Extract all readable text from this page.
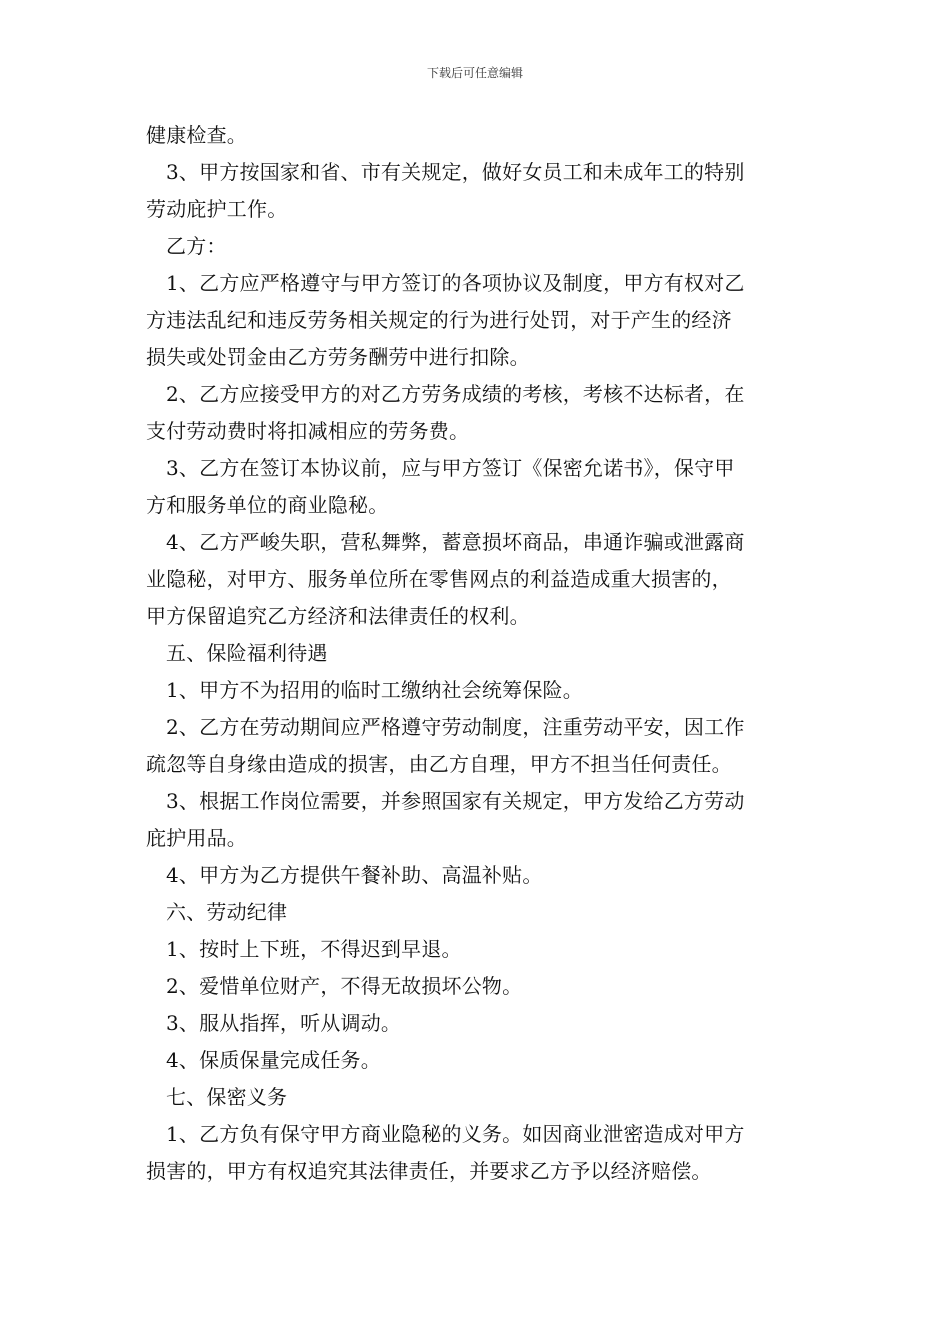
下载后可任意编辑
健康检查。
3、甲方按国家和省、市有关规定，做好女员工和未成年工的特别
劳动庇护工作。
乙方：
1、乙方应严格遵守与甲方签订的各项协议及制度，甲方有权对乙
方违法乱纪和违反劳务相关规定的行为进行处罚，对于产生的经济
损失或处罚金由乙方劳务酬劳中进行扣除。
2、乙方应接受甲方的对乙方劳务成绩的考核，考核不达标者，在
支付劳动费时将扣减相应的劳务费。
3、乙方在签订本协议前，应与甲方签订《保密允诺书》，保守甲
方和服务单位的商业隐秘。
4、乙方严峻失职，营私舞弊，蓄意损坏商品，串通诈骗或泄露商
业隐秘，对甲方、服务单位所在零售网点的利益造成重大损害的，
甲方保留追究乙方经济和法律责任的权利。
五、保险福利待遇
1、甲方不为招用的临时工缴纳社会统筹保险。
2、乙方在劳动期间应严格遵守劳动制度，注重劳动平安，因工作
疏忽等自身缘由造成的损害，由乙方自理，甲方不担当任何责任。
3、根据工作岗位需要，并参照国家有关规定，甲方发给乙方劳动
庇护用品。
4、甲方为乙方提供午餐补助、高温补贴。
六、劳动纪律
1、按时上下班，不得迟到早退。
2、爱惜单位财产，不得无故损坏公物。
3、服从指挥，听从调动。
4、保质保量完成任务。
七、保密义务
1、乙方负有保守甲方商业隐秘的义务。如因商业泄密造成对甲方
损害的，甲方有权追究其法律责任，并要求乙方予以经济赔偿。
